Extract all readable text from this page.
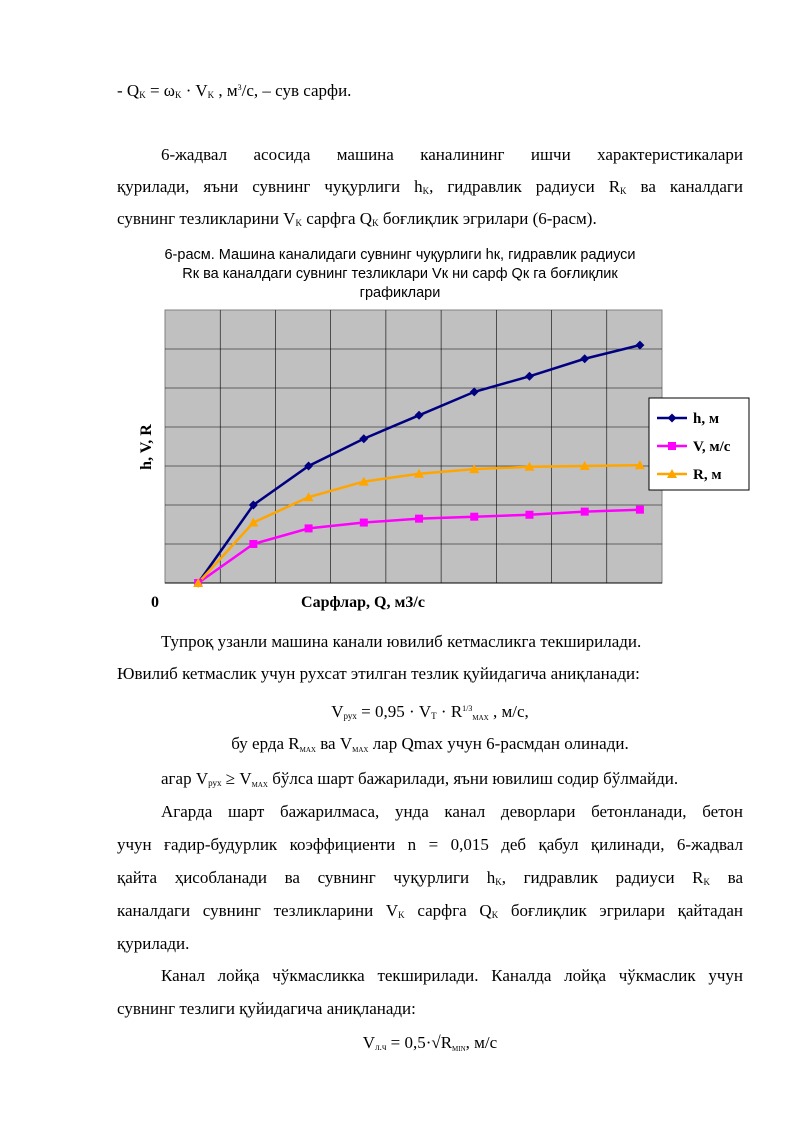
- QK = ωK · VK , $м^3/с$, – сув сарфи.
6-жадвал асосида машина каналининг ишчи характеристикалари
қурилади, яъни сувнинг чуқурлиги hK, гидравлик радиуси RK ва каналдаги
сувнинг тезликларини VK сарфга QK боғлиқлик эгрилари (6-расм).
6-расм. Машина каналидаги сувнинг чуқурлиги hк, гидравлик радиуси Rк ва каналдаги сувнинг тезликлари Vк ни сарф Qк га боғлиқлик графиклари
h, м
V, м/с
R, м
0	Сарфлар, Q, м3/с
h, V, R
Тупроқ узанли машина канали ювилиб кетмасликга текширилади.
Ювилиб кетмаслик учун рухсат этилган тезлик қуйидагича аниқланади:
Vрух = 0,95 · VT · $R^{1/3}MAX$ , м/с,
бу ерда RMAX ва VMAX лар Qmax учун 6-расмдан олинади.
агар Vрух ≥ VMAX бўлса шарт бажарилади, яъни ювилиш содир бўлмайди.
Агарда шарт бажарилмаса, унда канал деворлари бетонланади, бетон
учун ғадир-будурлик коэффициенти n = 0,015 деб қабул қилинади, 6-жадвал
қайта ҳисобланади ва сувнинг чуқурлиги hK, гидравлик радиуси RK ва
каналдаги сувнинг тезликларини VK сарфга QK боғлиқлик эгрилари қайтадан
қурилади.
Канал лойқа чўкмасликка текширилади. Каналда лойқа чўкмаслик учун
сувнинг тезлиги қуйидагича аниқланади:
Vл.ч = 0,5·√RMIN, м/с
